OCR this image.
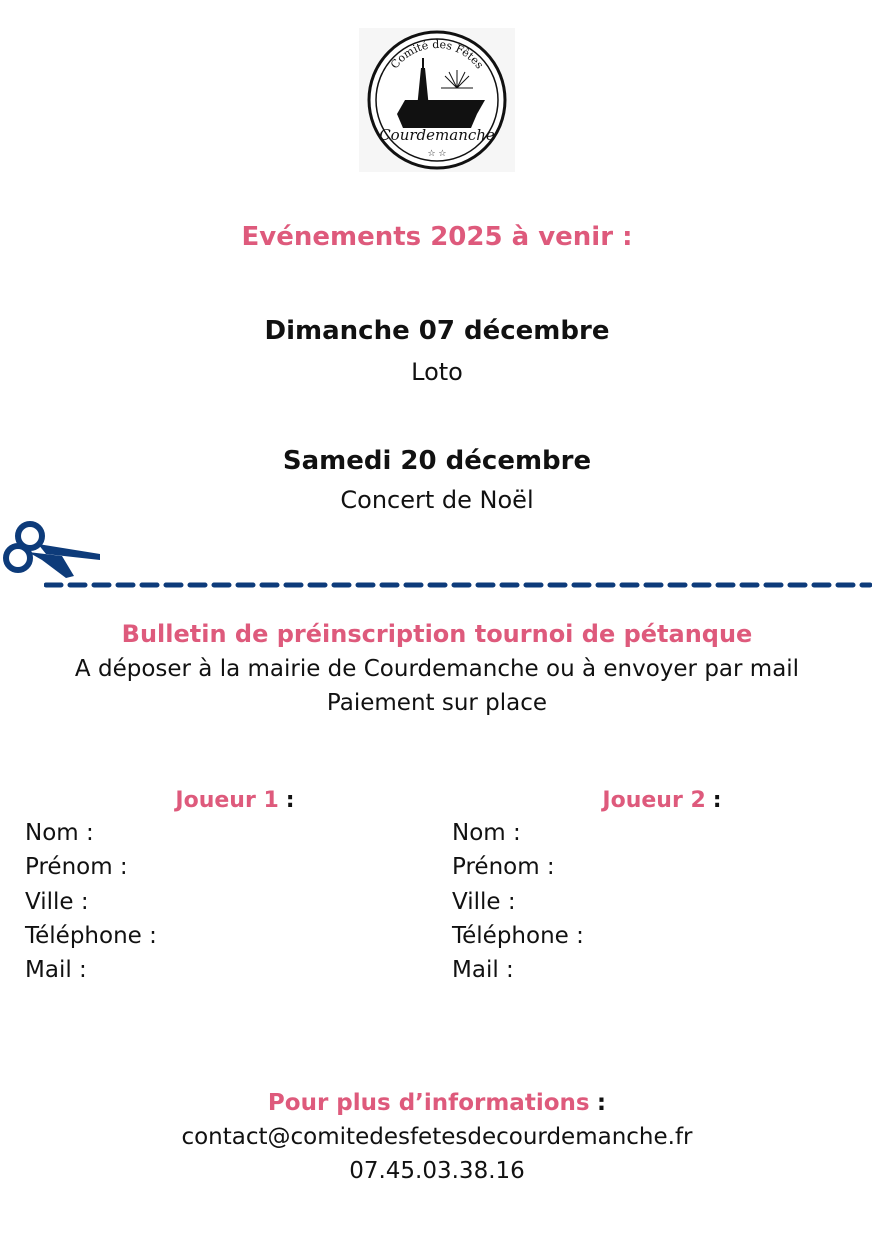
Courdemanche
Comité des Fêtes
☆ ☆
Evénements 2025 à venir :
Dimanche 07 décembre
Loto
Samedi 20 décembre
Concert de Noël
Bulletin de préinscription tournoi de pétanque
A déposer à la mairie de Courdemanche ou à envoyer par mail
Paiement sur place
Joueur 1 :
Nom :
Prénom :
Ville :
Téléphone :
Mail :
Joueur 2 :
Nom :
Prénom :
Ville :
Téléphone :
Mail :
Pour plus d’informations :
contact@comitedesfetesdecourdemanche.fr
07.45.03.38.16
